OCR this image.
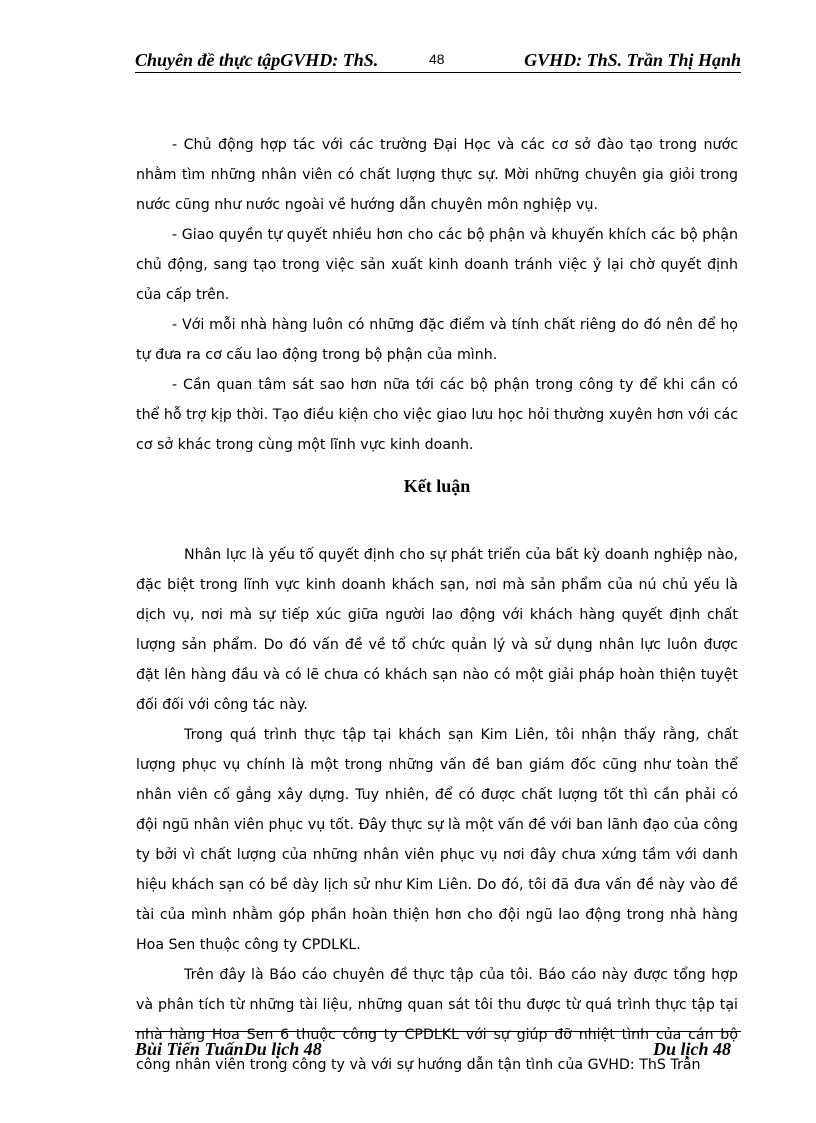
Chuyên đề thực tậpGVHD: ThS.	48	GVHD: ThS. Trần Thị Hạnh

- Chủ động hợp tác với các trường Đại Học và các cơ sở đào tạo trong nước nhằm tìm những nhân viên có chất lượng thực sự. Mời những chuyên gia giỏi trong nước cũng như nước ngoài về hướng dẫn chuyên môn nghiệp vụ.

- Giao quyền tự quyết nhiều hơn cho các bộ phận và khuyến khích các bộ phận chủ động, sang tạo trong việc sản xuất kinh doanh tránh việc ỷ lại chờ quyết định của cấp trên.

- Với mỗi nhà hàng luôn có những đặc điểm và tính chất riêng do đó nên để họ tự đưa ra cơ cấu lao động trong bộ phận của mình.

- Cần quan tâm sát sao hơn nữa tới các bộ phận trong công ty để khi cần có thể hỗ trợ kịp thời. Tạo điều kiện cho việc giao lưu học hỏi thường xuyên hơn với các cơ sở khác trong cùng một lĩnh vực kinh doanh.

Kết luận

Nhân lực là yếu tố quyết định cho sự phát triển của bất kỳ doanh nghiệp nào, đặc biệt trong lĩnh vực kinh doanh khách sạn, nơi mà sản phẩm của nú chủ yếu là dịch vụ, nơi mà sự tiếp xúc giữa người lao động với khách hàng quyết định chất lượng sản phẩm. Do đó vấn đề về tổ chức quản lý và sử dụng nhân lực luôn được đặt lên hàng đầu và có lẽ chưa có khách sạn nào có một giải pháp hoàn thiện tuyệt đối đối với công tác này.

Trong quá trình thực tập tại khách sạn Kim Liên, tôi nhận thấy rằng, chất lượng phục vụ chính là một trong những vấn đề ban giám đốc cũng như toàn thể nhân viên cố gắng xây dựng. Tuy nhiên, để có được chất lượng tốt thì cần phải có đội ngũ nhân viên phục vụ tốt. Đây thực sự là một vấn đề với ban lãnh đạo của công ty bởi vì chất lượng của những nhân viên phục vụ nơi đây chưa xứng tầm với danh hiệu khách sạn có bề dày lịch sử như Kim Liên. Do đó, tôi đã đưa vấn đề này vào đề tài của mình nhằm góp phần hoàn thiện hơn cho đội ngũ lao động trong nhà hàng Hoa Sen thuộc công ty CPDLKL.

Trên đây là Báo cáo chuyên đề thực tập của tôi. Báo cáo này được tổng hợp và phân tích từ những tài liệu, những quan sát tôi thu được từ quá trình thực tập tại nhà hàng Hoa Sen 6 thuộc công ty CPDLKL với sự giúp đỡ nhiệt tình của cán bộ công nhân viên trong công ty và với sự hướng dẫn tận tình của GVHD: ThS Trần

Bùi Tiến TuấnDu lịch 48	Du lịch 48
